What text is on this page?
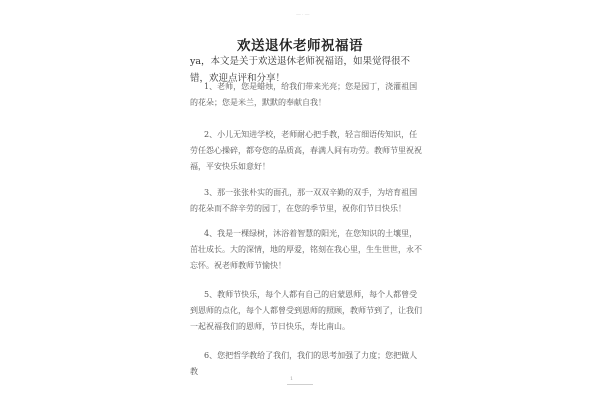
—·—
欢送退休老师祝福语
ya，本文是关于欢送退休老师祝福语，如果觉得很不错，欢迎点评和分享！
1、老师，您是蜡烛，给我们带来光亮；您是园丁，浇灌祖国的花朵；您是米兰，默默的奉献自我！
2、小儿无知进学校，老师耐心把手教，轻言细语传知识，任劳任怨心操碎，都夸您的品质高，春满人间有功劳。教师节里祝祝福，平安快乐如意好！
3、那一张张朴实的面孔，那一双双辛勤的双手，为培育祖国的花朵而不辞辛劳的园丁，在您的季节里，祝你们节日快乐！
4、我是一棵绿树，沐浴着智慧的阳光，在您知识的土壤里，茁壮成长。大的深情，地的厚爱，铭刻在我心里，生生世世，永不忘怀。祝老师教师节愉快！
5、教师节快乐，每个人都有自己的启蒙恩师，每个人都曾受到恩师的点化，每个人都曾受到恩师的照顾，教师节到了，让我们一起祝福我们的恩师，节日快乐，寿比南山。
6、您把哲学教给了我们，我们的思考加强了力度；您把做人教
1
